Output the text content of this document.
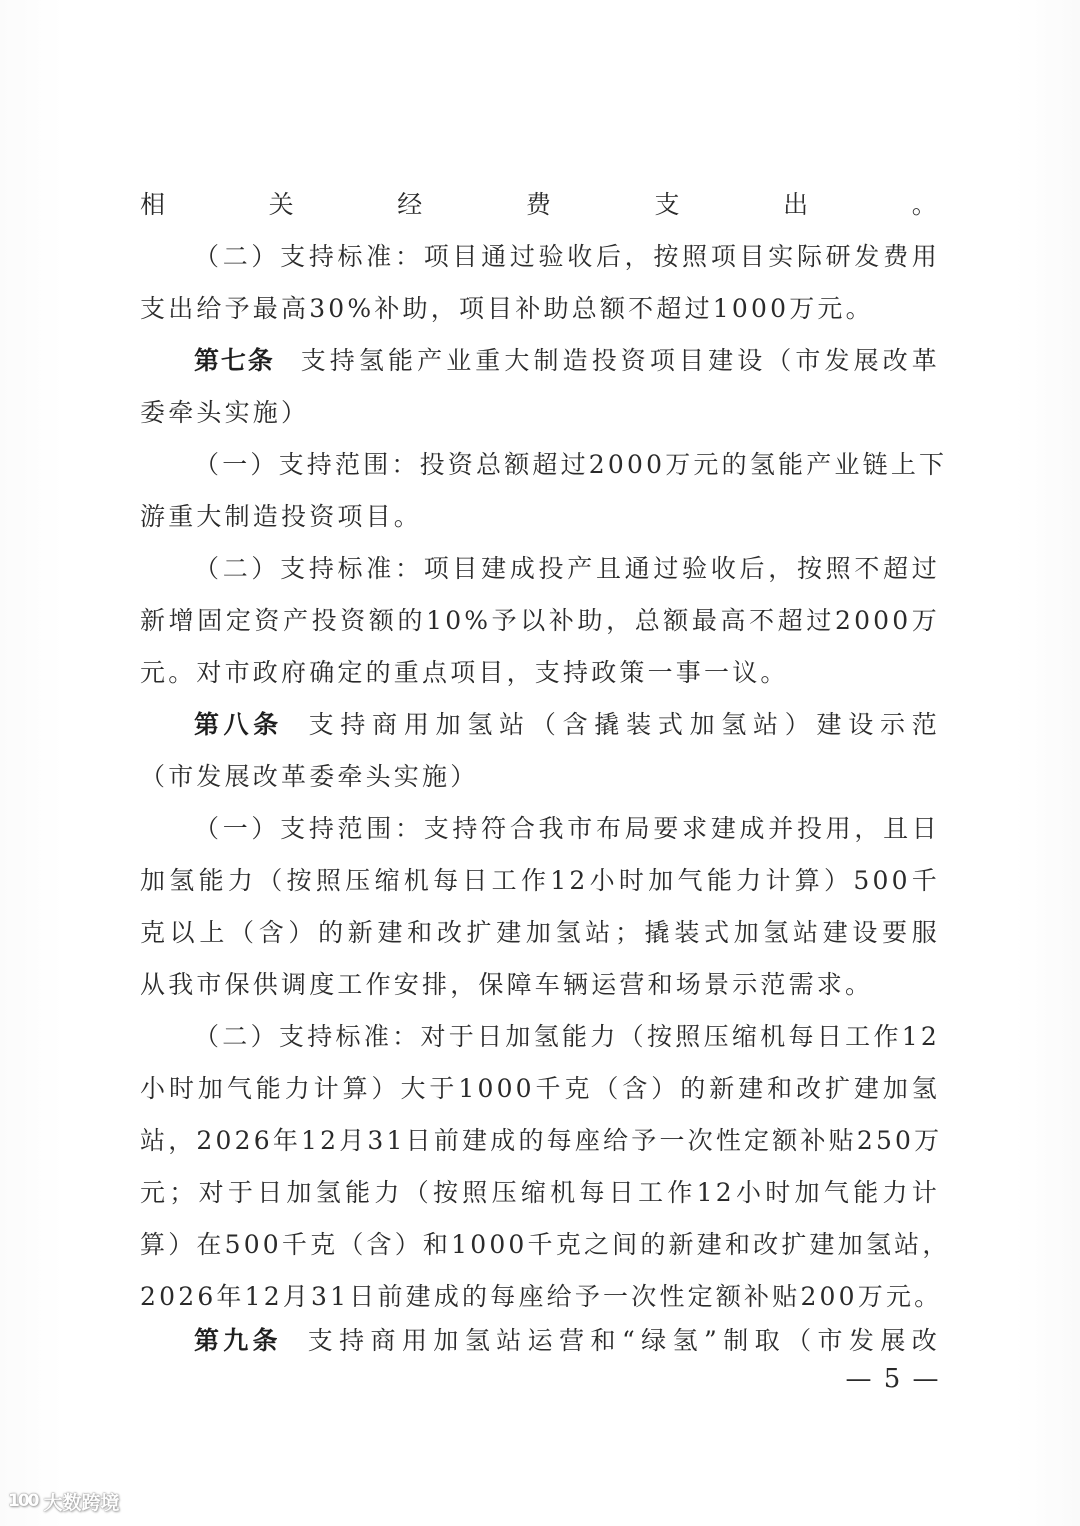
相关经费支出。
（二）支持标准：项目通过验收后，按照项目实际研发费用
支出给予最高30%补助，项目补助总额不超过1000万元。
第七条 支持氢能产业重大制造投资项目建设（市发展改革
委牵头实施）
（一）支持范围：投资总额超过2000万元的氢能产业链上下
游重大制造投资项目。
（二）支持标准：项目建成投产且通过验收后，按照不超过
新增固定资产投资额的10%予以补助，总额最高不超过2000万
元。对市政府确定的重点项目，支持政策一事一议。
第八条 支持商用加氢站（含撬装式加氢站）建设示范
（市发展改革委牵头实施）
（一）支持范围：支持符合我市布局要求建成并投用，且日
加氢能力（按照压缩机每日工作12小时加气能力计算）500千
克以上（含）的新建和改扩建加氢站；撬装式加氢站建设要服
从我市保供调度工作安排，保障车辆运营和场景示范需求。
（二）支持标准：对于日加氢能力（按照压缩机每日工作12
小时加气能力计算）大于1000千克（含）的新建和改扩建加氢
站，2026年12月31日前建成的每座给予一次性定额补贴250万
元；对于日加氢能力（按照压缩机每日工作12小时加气能力计
算）在500千克（含）和1000千克之间的新建和改扩建加氢站，
2026年12月31日前建成的每座给予一次性定额补贴200万元。
第九条 支持商用加氢站运营和“绿氢”制取（市发展改
— 5 —
100 大数跨境
